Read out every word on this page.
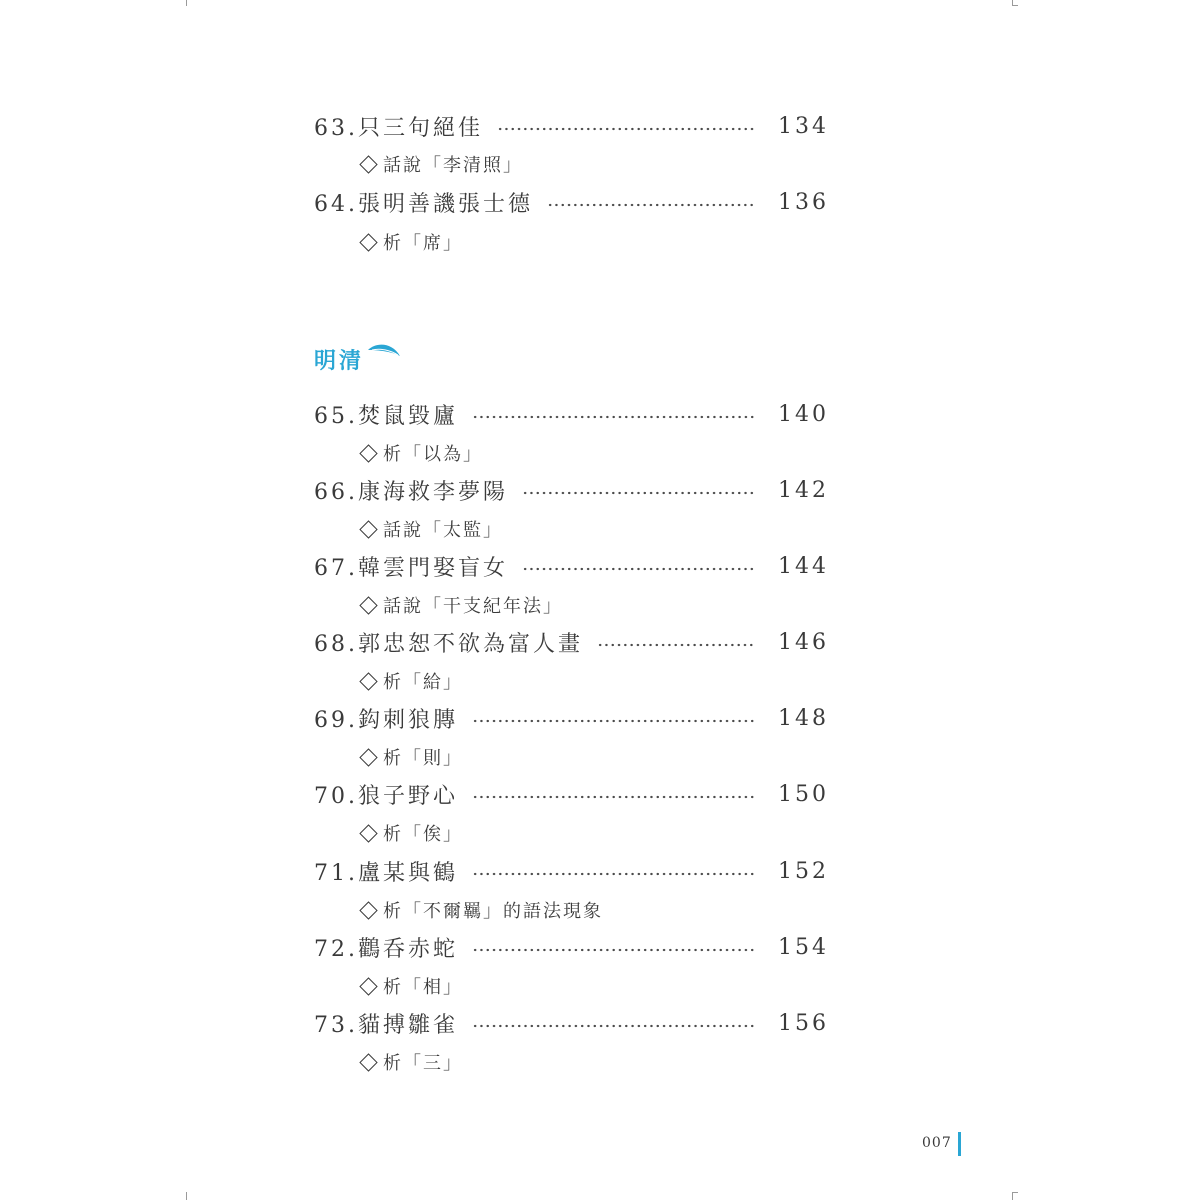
63.只三句絕佳	134
話說「李清照」
64.張明善譏張士德	136
析「席」
明清
65.焚鼠毀廬	140
析「以為」
66.康海救李夢陽	142
話說「太監」
67.韓雲門娶盲女	144
話說「干支紀年法」
68.郭忠恕不欲為富人畫	146
析「給」
69.鈎刺狼膞	148
析「則」
70.狼子野心	150
析「俟」
71.盧某與鶴	152
析「不爾羈」的語法現象
72.鸛呑赤蛇	154
析「相」
73.貓搏雛雀	156
析「三」
007
